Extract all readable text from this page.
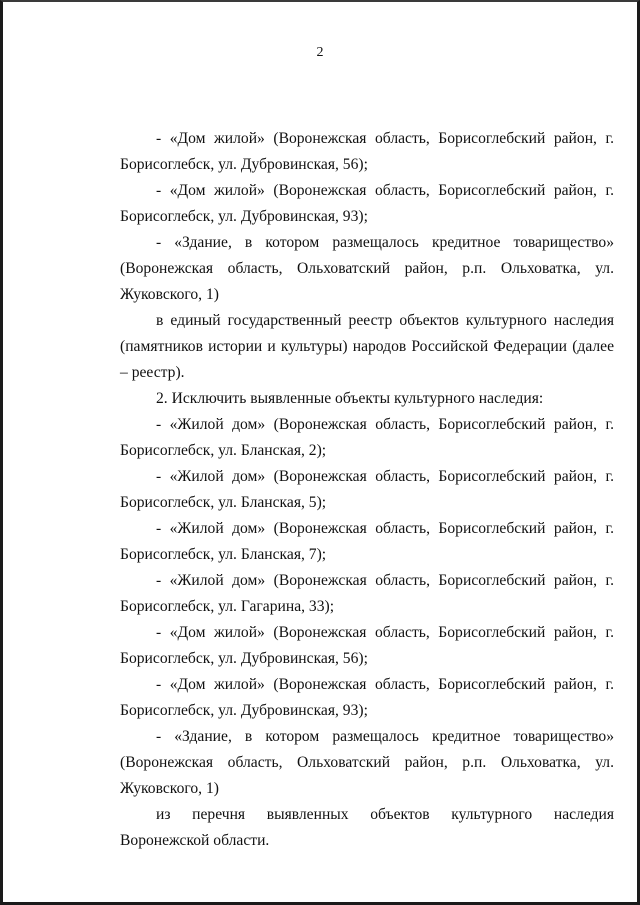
2

- «Дом жилой» (Воронежская область, Борисоглебский район, г. Борисоглебск, ул. Дубровинская, 56);

- «Дом жилой» (Воронежская область, Борисоглебский район, г. Борисоглебск, ул. Дубровинская, 93);

- «Здание, в котором размещалось кредитное товарищество» (Воронежская область, Ольховатский район, р.п. Ольховатка, ул. Жуковского, 1)

в единый государственный реестр объектов культурного наследия (памятников истории и культуры) народов Российской Федерации (далее – реестр).

2. Исключить выявленные объекты культурного наследия:

- «Жилой дом» (Воронежская область, Борисоглебский район, г. Борисоглебск, ул. Бланская, 2);

- «Жилой дом» (Воронежская область, Борисоглебский район, г. Борисоглебск, ул. Бланская, 5);

- «Жилой дом» (Воронежская область, Борисоглебский район, г. Борисоглебск, ул. Бланская, 7);

- «Жилой дом» (Воронежская область, Борисоглебский район, г. Борисоглебск, ул. Гагарина, 33);

- «Дом жилой» (Воронежская область, Борисоглебский район, г. Борисоглебск, ул. Дубровинская, 56);

- «Дом жилой» (Воронежская область, Борисоглебский район, г. Борисоглебск, ул. Дубровинская, 93);

- «Здание, в котором размещалось кредитное товарищество» (Воронежская область, Ольховатский район, р.п. Ольховатка, ул. Жуковского, 1)

из перечня выявленных объектов культурного наследия Воронежской области.
